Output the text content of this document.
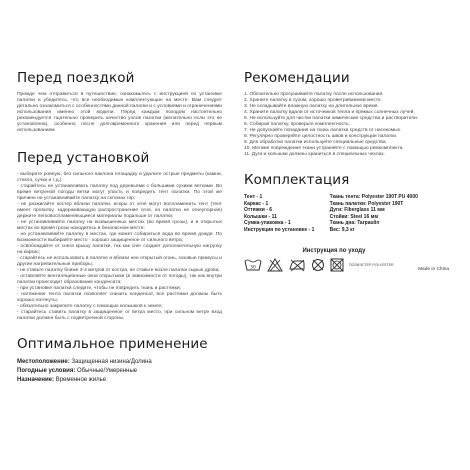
Перед поездкой
Прежде чем отправиться в путешествие, ознакомьтесь с инструкцией по установке палатки и убедитесь, что все необходимые комплектующие на месте. Вам следует детально ознакомиться с особенностями данной палатки и с условиями и ограничениями использования именно этой модели. Перед каждым походом настоятельно рекомендуется тщательно проверить качество узлов палатки (желательно если это не установлена), особенно после долговременного хранения или перед первым использованием.
Перед установкой

- выберите ровную, без сильного наклона площадку и удалите острые предметы (камни, стекло, сучки и т.д.)

- старайтесь не устанавливать палатку под деревьями с большими сухими ветками. Во время ветреной погоды ветки могут упасть и повредить тент палатки. По этой же причине не устанавливайте палатку на склонах гор;

- не разжигайте костер вблизи палатки, искры от огня могут воспламенить тент (тент имеет пропитку, задерживающую распространение огня, но палатка не огнеупорная) держите легковоспламеняющиеся материалы подальше от палатки;

- не устанавливайте палатку на возвышенных местах (во время грозы), и в открытых местах во время грозы находитесь в безопасном месте;

- не устанавливайте палатку в местах, где может собираться вода во время дождя. По возможности выбирайте место - хорошо защищенное от сильного ветра;

- освобождайте от снега крышу палатки, так как снег создает дополнительную нагрузку на каркас;

- старайтесь не использовать в палатке и вблизи нее открытый огонь, газовые примусы и другие нагревательные приборы;

- не ставьте палатку ближе 3-4 метров от костра, не ставьте возле палатки сырые дрова;

- оставляйте вентиляционные окна открытыми (в зависимости от погоды), так как внутри палатки происходит образование конденсата;

- при установке палатки следите, чтобы не повредить ткань и растяжки;

- натяжение тента палатки позволяет снизить конденсат, все растяжки должны быть хорошо натянуты;

- обязательно закрепите палатку с помощью колышков к земле;

- старайтесь ставить палатку в защищенное от ветра место, при сильном ветре вход палатки должен быть с подветренной стороны.

Оптимальное применение
Местоположение: Защищенная низина/Долина
Погодные условия: Обычные/Умеренные
Назначение: Временное жилье
Рекомендации

1. Обязательно просушивайте палатку после использования.

2. Храните палатку в сухом, хорошо проветриваемом месте.

3. Не складывайте влажную палатку на длительное время.

4. Храните палатку вдали от источников тепла и прямых солнечных лучей.

5. Не используйте для чистки палатки химические средства и растворители.

6. Собирая палатку, проверьте комплектность.

7. Не допускайте попадания на ткань палатки средств от насекомых.

8. Регулярно проверяйте целостность швов и конструкции палатки.

9. Для обработки палатки используйте специальные средства.

10. Мелкие повреждения ткани устраняйте с помощью ремкомплекта.

11. Дуги и колышки должны храниться в специальных чехлах.

Комплектация
Тент - 1
Каркас - 1
Оттяжки - 6
Колышки - 11
Сумка-упаковка - 1
Инструкция по установке - 1
Ткань тента: Polyester 190T PU 4000
Ткань палатки: Polyester 190T
Дуги: Fiberglass 11 мм
Стойки: Steel 16 мм
Ткань дна: Tarpaulin
Вес: 9,3 кг
Инструкция по уходу
30
ПОЛИЭСТЕР POLYESTER
Made in China
